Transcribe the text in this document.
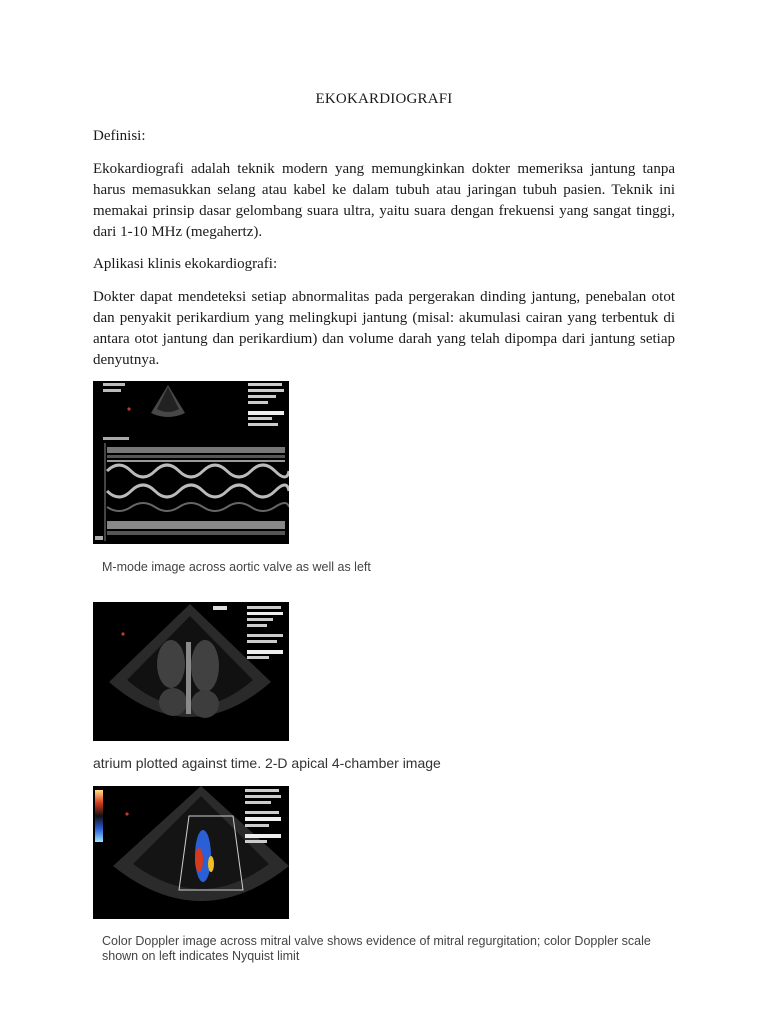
EKOKARDIOGRAFI
Definisi:
Ekokardiografi adalah teknik modern yang memungkinkan dokter memeriksa jantung tanpa harus memasukkan selang atau kabel ke dalam tubuh atau jaringan tubuh pasien. Teknik ini memakai prinsip dasar gelombang suara ultra, yaitu suara dengan frekuensi yang sangat tinggi, dari 1-10 MHz (megahertz).
Aplikasi klinis ekokardiografi:
Dokter dapat mendeteksi setiap abnormalitas pada pergerakan dinding jantung, penebalan otot dan penyakit perikardium yang melingkupi jantung (misal: akumulasi cairan yang terbentuk di antara otot jantung dan perikardium) dan volume darah yang telah dipompa dari jantung setiap denyutnya.
M-mode image across aortic valve as well as left
atrium plotted against time. 2-D apical 4-chamber image
Color Doppler image across mitral valve shows evidence of mitral regurgitation; color Doppler scale shown on left indicates Nyquist limit
